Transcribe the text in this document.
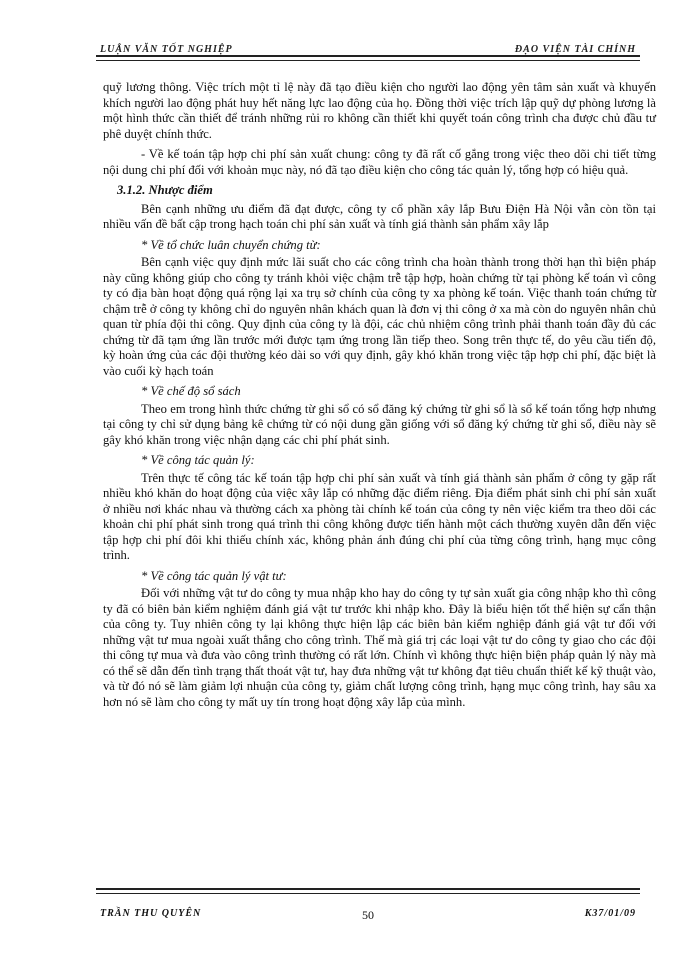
LUẬN VĂN TỐT NGHIỆP	ĐẠO VIỆN TÀI CHÍNH

quỹ lương thông. Việc trích một tỉ lệ này đã tạo điều kiện cho người lao động yên tâm sản xuất và khuyến khích người lao động phát huy hết năng lực lao động của họ. Đồng thời việc trích lập quỹ dự phòng lương là một hình thức cần thiết để tránh những rủi ro không cần thiết khi quyết toán công trình cha được chủ đầu tư phê duyệt chính thức.

- Về kế toán tập hợp chi phí sản xuất chung: công ty đã rất cố gắng trong việc theo dõi chi tiết từng nội dung chi phí đối với khoản mục này, nó đã tạo điều kiện cho công tác quản lý, tổng hợp có hiệu quả.

3.1.2. Nhược điểm

Bên cạnh những ưu điểm đã đạt được, công ty cổ phần xây lắp Bưu Điện Hà Nội vẫn còn tồn tại nhiều vấn đề bất cập trong hạch toán chi phí sản xuất và tính giá thành sản phẩm xây lắp

* Về tổ chức luân chuyển chứng từ:

Bên cạnh việc quy định mức lãi suất cho các công trình cha hoàn thành trong thời hạn thì biện pháp này cũng không giúp cho công ty tránh khỏi việc chậm trễ tập hợp, hoàn chứng từ tại phòng kế toán vì công ty có địa bàn hoạt động quá rộng lại xa trụ sở chính của công ty xa phòng kế toán. Việc thanh toán chứng từ chậm trễ ở công ty không chỉ do nguyên nhân khách quan là đơn vị thi công ở xa mà còn do nguyên nhân chủ quan từ phía đội thi công. Quy định của công ty là đội, các chủ nhiệm công trình phải thanh toán đầy đủ các chứng từ đã tạm ứng lần trước mới được tạm ứng trong lần tiếp theo. Song trên thực tế, do yêu cầu tiến độ, kỳ hoàn ứng của các đội thường kéo dài so với quy định, gây khó khăn trong việc tập hợp chi phí, đặc biệt là vào cuối kỳ hạch toán

* Về chế độ sổ sách

Theo em trong hình thức chứng từ ghi sổ có sổ đăng ký chứng từ ghi sổ là sổ kế toán tổng hợp nhưng tại công ty chỉ sử dụng bảng kê chứng từ có nội dung gần giống với sổ đăng ký chứng từ ghi sổ, điều này sẽ gây khó khăn trong việc nhận dạng các chi phí phát sinh.

* Về công tác quản lý:

Trên thực tế công tác kế toán tập hợp chi phí sản xuất và tính giá thành sản phẩm ở công ty gặp rất nhiều khó khăn do hoạt động của việc xây lắp có những đặc điểm riêng. Địa điểm phát sinh chi phí sản xuất ở nhiều nơi khác nhau và thường cách xa phòng tài chính kế toán của công ty nên việc kiểm tra theo dõi các khoản chi phí phát sinh trong quá trình thi công không được tiến hành một cách thường xuyên dẫn đến việc tập hợp chi phí đôi khi thiếu chính xác, không phản ánh đúng chi phí của từng công trình, hạng mục công trình.

* Về công tác quản lý vật tư:

Đối với những vật tư do công ty mua nhập kho hay do công ty tự sản xuất gia công nhập kho thì công ty đã có biên bản kiểm nghiệm đánh giá vật tư trước khi nhập kho. Đây là biểu hiện tốt thể hiện sự cẩn thận của công ty. Tuy nhiên công ty lại không thực hiện lập các biên bản kiểm nghiệp đánh giá vật tư đối với những vật tư mua ngoài xuất thẳng cho công trình. Thế mà giá trị các loại vật tư do công ty giao cho các đội thi công tự mua và đưa vào công trình thường có rất lớn. Chính vì không thực hiện biện pháp quản lý này mà có thể sẽ dẫn đến tình trạng thất thoát vật tư, hay đưa những vật tư không đạt tiêu chuẩn thiết kế kỹ thuật vào, và từ đó nó sẽ làm giảm lợi nhuận của công ty, giảm chất lượng công trình, hạng mục công trình, hay sâu xa hơn nó sẽ làm cho công ty mất uy tín trong hoạt động xây lắp của mình.

TRẦN THU QUYÊN	50	K37/01/09
